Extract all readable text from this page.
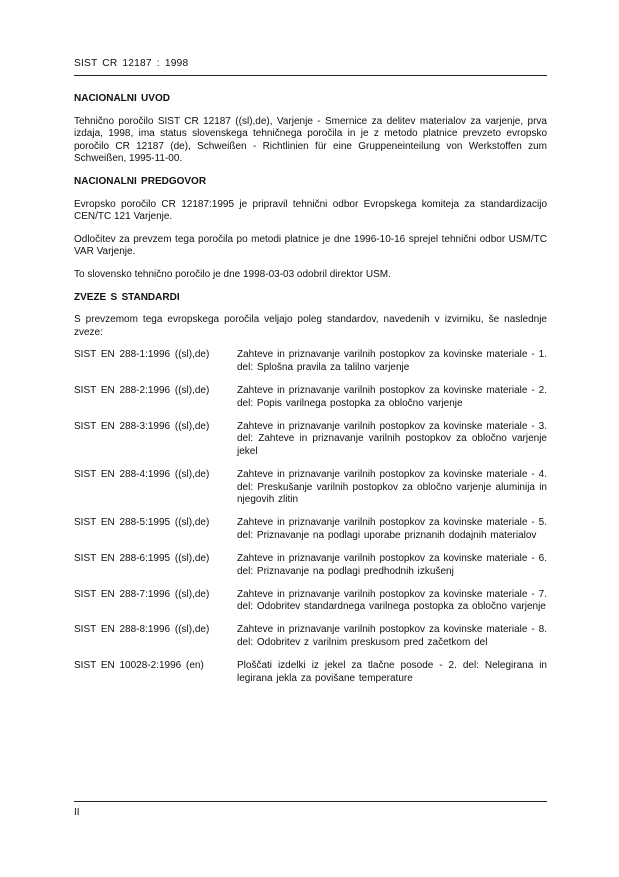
SIST CR 12187 : 1998
NACIONALNI UVOD
Tehnično poročilo SIST CR 12187 ((sl),de), Varjenje - Smernice za delitev materialov za varjenje, prva izdaja, 1998, ima status slovenskega tehničnega poročila in je z metodo platnice prevzeto evropsko poročilo CR 12187 (de), Schweißen - Richtlinien für eine Gruppeneinteilung von Werkstoffen zum Schweißen, 1995-11-00.
NACIONALNI PREDGOVOR
Evropsko poročilo CR 12187:1995 je pripravil tehnični odbor Evropskega komiteja za standardizacijo CEN/TC 121 Varjenje.
Odločitev za prevzem tega poročila po metodi platnice je dne 1996-10-16 sprejel tehnični odbor USM/TC VAR Varjenje.
To slovensko tehnično poročilo je dne 1998-03-03 odobril direktor USM.
ZVEZE S STANDARDI
S prevzemom tega evropskega poročila veljajo poleg standardov, navedenih v izvirniku, še naslednje zveze:
SIST EN 288-1:1996 ((sl),de)	Zahteve in priznavanje varilnih postopkov za kovinske materiale - 1. del: Splošna pravila za talilno varjenje
SIST EN 288-2:1996 ((sl),de)	Zahteve in priznavanje varilnih postopkov za kovinske materiale - 2. del: Popis varilnega postopka za obločno varjenje
SIST EN 288-3:1996 ((sl),de)	Zahteve in priznavanje varilnih postopkov za kovinske materiale - 3. del: Zahteve in priznavanje varilnih postopkov za obločno varjenje jekel
SIST EN 288-4:1996 ((sl),de)	Zahteve in priznavanje varilnih postopkov za kovinske materiale - 4. del: Preskušanje varilnih postopkov za obločno varjenje aluminija in njegovih zlitin
SIST EN 288-5:1995 ((sl),de)	Zahteve in priznavanje varilnih postopkov za kovinske materiale - 5. del: Priznavanje na podlagi uporabe priznanih dodajnih materialov
SIST EN 288-6:1995 ((sl),de)	Zahteve in priznavanje varilnih postopkov za kovinske materiale - 6. del: Priznavanje na podlagi predhodnih izkušenj
SIST EN 288-7:1996 ((sl),de)	Zahteve in priznavanje varilnih postopkov za kovinske materiale - 7. del: Odobritev standardnega varilnega postopka za obločno varjenje
SIST EN 288-8:1996 ((sl),de)	Zahteve in priznavanje varilnih postopkov za kovinske materiale - 8. del: Odobritev z varilnim preskusom pred začetkom del
SIST EN 10028-2:1996 (en)	Ploščati izdelki iz jekel za tlačne posode - 2. del: Nelegirana in legirana jekla za povišane temperature
II
